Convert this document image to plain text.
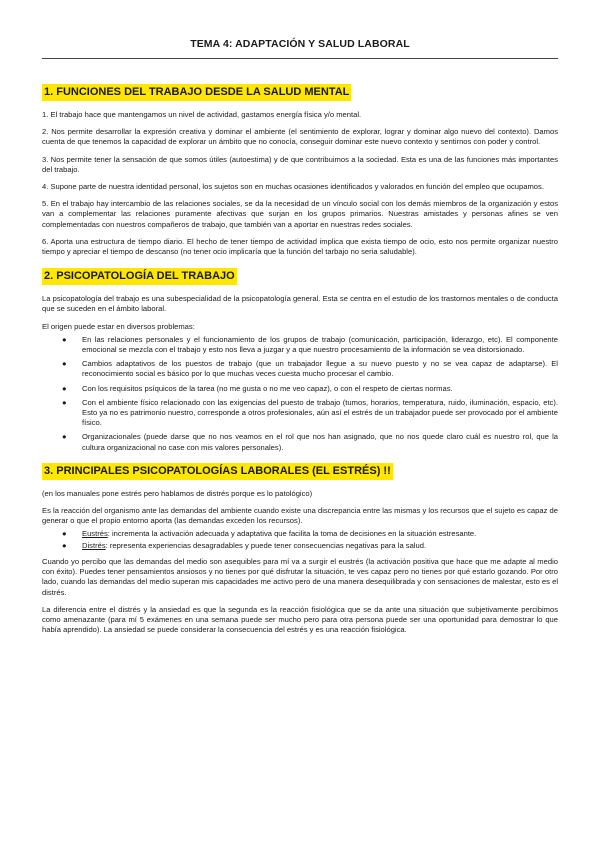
TEMA 4: ADAPTACIÓN Y SALUD LABORAL
1. FUNCIONES DEL TRABAJO DESDE LA SALUD MENTAL

1. El trabajo hace que mantengamos un nivel de actividad, gastamos energía física y/o mental.

2. Nos permite desarrollar la expresión creativa y dominar el ambiente (el sentimiento de explorar, lograr y dominar algo nuevo del contexto). Damos cuenta de que tenemos la capacidad de explorar un ámbito que no conocía, conseguir dominar este nuevo contexto y sentirnos con poder y control.

3. Nos permite tener la sensación de que somos útiles (autoestima) y de que contribuimos a la sociedad. Esta es una de las funciones más importantes del trabajo.

4. Supone parte de nuestra identidad personal, los sujetos son en muchas ocasiones identificados y valorados en función del empleo que ocupamos.

5. En el trabajo hay intercambio de las relaciones sociales, se da la necesidad de un vínculo social con los demás miembros de la organización y estos van a complementar las relaciones puramente afectivas que surjan en los grupos primarios. Nuestras amistades y personas afines se ven complementadas con nuestros compañeros de trabajo, que también van a aportar en nuestras redes sociales.

6. Aporta una estructura de tiempo diario. El hecho de tener tiempo de actividad implica que exista tiempo de ocio, esto nos permite organizar nuestro tiempo y apreciar el tiempo de descanso (no tener ocio implicaría que la función del tarbajo no seria saludable).

2. PSICOPATOLOGÍA DEL TRABAJO

La psicopatología del trabajo es una subespecialidad de la psicopatología general. Esta se centra en el estudio de los trastornos mentales o de conducta que se suceden en el ámbito laboral.

El origen puede estar en diversos problemas:

● En las relaciones personales y el funcionamiento de los grupos de trabajo (comunicación, participación, liderazgo, etc). El componente emocional se mezcla con el trabajo y esto nos lleva a juzgar y a que nuestro procesamiento de la información se vea distorsionado.
● Cambios adaptativos de los puestos de trabajo (que un trabajador llegue a su nuevo puesto y no se vea capaz de adaptarse). El reconocimiento social es básico por lo que muchas veces cuesta mucho procesar el cambio.
● Con los requisitos psíquicos de la tarea (no me gusta o no me veo capaz), o con el respeto de ciertas normas.
● Con el ambiente físico relacionado con las exigencias del puesto de trabajo (tumos, horarios, temperatura, ruido, iluminación, espacio, etc). Esto ya no es patrimonio nuestro, corresponde a otros profesionales, aún así el estrés de un trabajador puede ser provocado por el ambiente físico.
● Organizacionales (puede darse que no nos veamos en el rol que nos han asignado, que no nos quede claro cuál es nuestro rol, que la cultura organizacional no case con mis valores personales).
3. PRINCIPALES PSICOPATOLOGÍAS LABORALES (EL ESTRÉS) !!

(en los manuales pone estrés pero hablamos de distrés porque es lo patológico)

Es la reacción del organismo ante las demandas del ambiente cuando existe una discrepancia entre las mismas y los recursos que el sujeto es capaz de generar o que el propio entorno aporta (las demandas exceden los recursos).

● Eustrés: incrementa la activación adecuada y adaptativa que facilita la toma de decisiones en la situación estresante.
● Distrés: representa experiencias desagradables y puede tener consecuencias negativas para la salud.

Cuando yo percibo que las demandas del medio son asequibles para mí va a surgir el eustrés (la activación positiva que hace que me adapte al medio con éxito). Puedes tener pensamientos ansiosos y no tienes por qué disfrutar la situación, te ves capaz pero no tienes por qué estarlo gozando. Por otro lado, cuando las demandas del medio superan mis capacidades me activo pero de una manera desequilibrada y con sensaciones de malestar, esto es el distrés.

La diferencia entre el distrés y la ansiedad es que la segunda es la reacción fisiológica que se da ante una situación que subjetivamente percibimos como amenazante (para mí 5 exámenes en una semana puede ser mucho pero para otra persona puede ser una oportunidad para demostrar lo que había aprendido). La ansiedad se puede considerar la consecuencia del estrés y es una reacción fisiológica.
